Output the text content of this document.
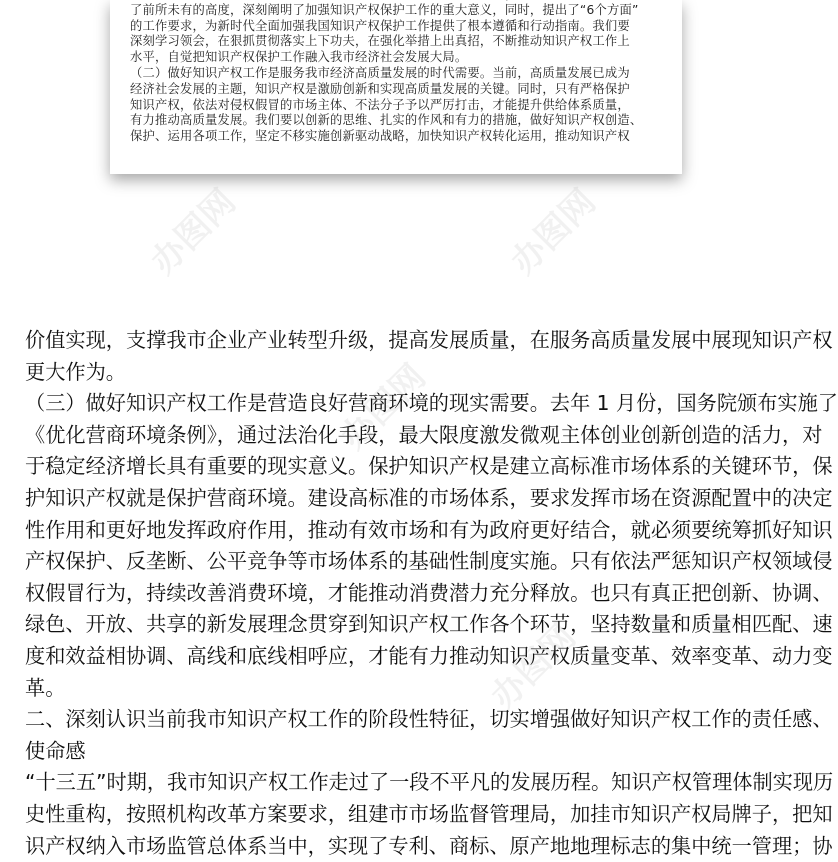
办图网	办图网
办图网
办图网

了前所未有的高度，深刻阐明了加强知识产权保护工作的重大意义，同时，提出了“6个方面”

的工作要求，为新时代全面加强我国知识产权保护工作提供了根本遵循和行动指南。我们要

深刻学习领会，在狠抓贯彻落实上下功夫，在强化举措上出真招，不断推动知识产权工作上

水平，自觉把知识产权保护工作融入我市经济社会发展大局。

（二）做好知识产权工作是服务我市经济高质量发展的时代需要。当前，高质量发展已成为

经济社会发展的主题，知识产权是激励创新和实现高质量发展的关键。同时，只有严格保护

知识产权，依法对侵权假冒的市场主体、不法分子予以严厉打击，才能提升供给体系质量，

有力推动高质量发展。我们要以创新的思维、扎实的作风和有力的措施，做好知识产权创造、

保护、运用各项工作，坚定不移实施创新驱动战略，加快知识产权转化运用，推动知识产权

价值实现，支撑我市企业产业转型升级，提高发展质量，在服务高质量发展中展现知识产权

更大作为。

（三）做好知识产权工作是营造良好营商环境的现实需要。去年 1 月份，国务院颁布实施了

《优化营商环境条例》，通过法治化手段，最大限度激发微观主体创业创新创造的活力，对

于稳定经济增长具有重要的现实意义。保护知识产权是建立高标准市场体系的关键环节，保

护知识产权就是保护营商环境。建设高标准的市场体系，要求发挥市场在资源配置中的决定

性作用和更好地发挥政府作用，推动有效市场和有为政府更好结合，就必须要统筹抓好知识

产权保护、反垄断、公平竞争等市场体系的基础性制度实施。只有依法严惩知识产权领域侵

权假冒行为，持续改善消费环境，才能推动消费潜力充分释放。也只有真正把创新、协调、

绿色、开放、共享的新发展理念贯穿到知识产权工作各个环节，坚持数量和质量相匹配、速

度和效益相协调、高线和底线相呼应，才能有力推动知识产权质量变革、效率变革、动力变

革。

二、深刻认识当前我市知识产权工作的阶段性特征，切实增强做好知识产权工作的责任感、

使命感

“十三五”时期，我市知识产权工作走过了一段不平凡的发展历程。知识产权管理体制实现历

史性重构，按照机构改革方案要求，组建市市场监督管理局，加挂市知识产权局牌子，把知

识产权纳入市场监管总体系当中，实现了专利、商标、原产地地理标志的集中统一管理；协
